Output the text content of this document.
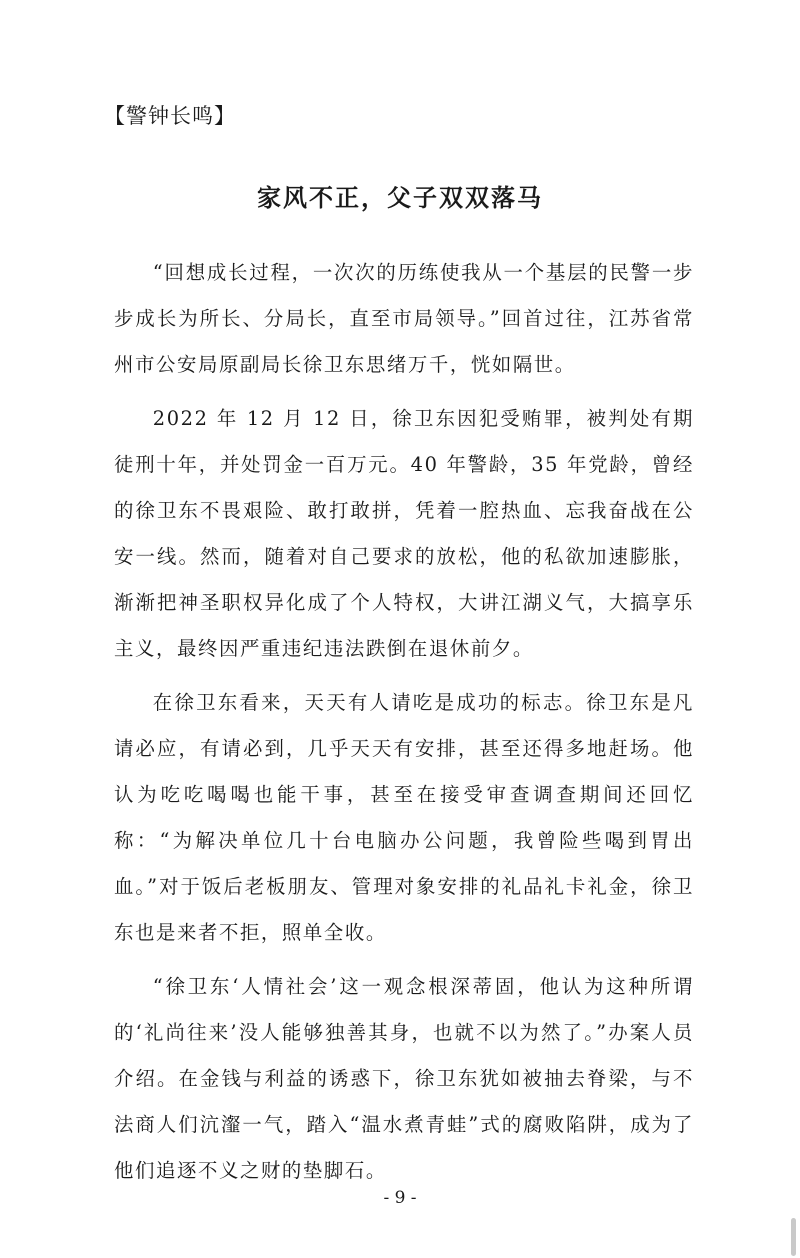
【警钟长鸣】
家风不正，父子双双落马

“回想成长过程，一次次的历练使我从一个基层的民警一步步成长为所长、分局长，直至市局领导。”回首过往，江苏省常州市公安局原副局长徐卫东思绪万千，恍如隔世。

2022 年 12 月 12 日，徐卫东因犯受贿罪，被判处有期徒刑十年，并处罚金一百万元。40 年警龄，35 年党龄，曾经的徐卫东不畏艰险、敢打敢拼，凭着一腔热血、忘我奋战在公安一线。然而，随着对自己要求的放松，他的私欲加速膨胀，渐渐把神圣职权异化成了个人特权，大讲江湖义气，大搞享乐主义，最终因严重违纪违法跌倒在退休前夕。

在徐卫东看来，天天有人请吃是成功的标志。徐卫东是凡请必应，有请必到，几乎天天有安排，甚至还得多地赶场。他认为吃吃喝喝也能干事，甚至在接受审查调查期间还回忆称：“为解决单位几十台电脑办公问题，我曾险些喝到胃出血。”对于饭后老板朋友、管理对象安排的礼品礼卡礼金，徐卫东也是来者不拒，照单全收。

“徐卫东‘人情社会’这一观念根深蒂固，他认为这种所谓的‘礼尚往来’没人能够独善其身，也就不以为然了。”办案人员介绍。在金钱与利益的诱惑下，徐卫东犹如被抽去脊梁，与不法商人们沆瀣一气，踏入“温水煮青蛙”式的腐败陷阱，成为了他们追逐不义之财的垫脚石。

- 9 -
